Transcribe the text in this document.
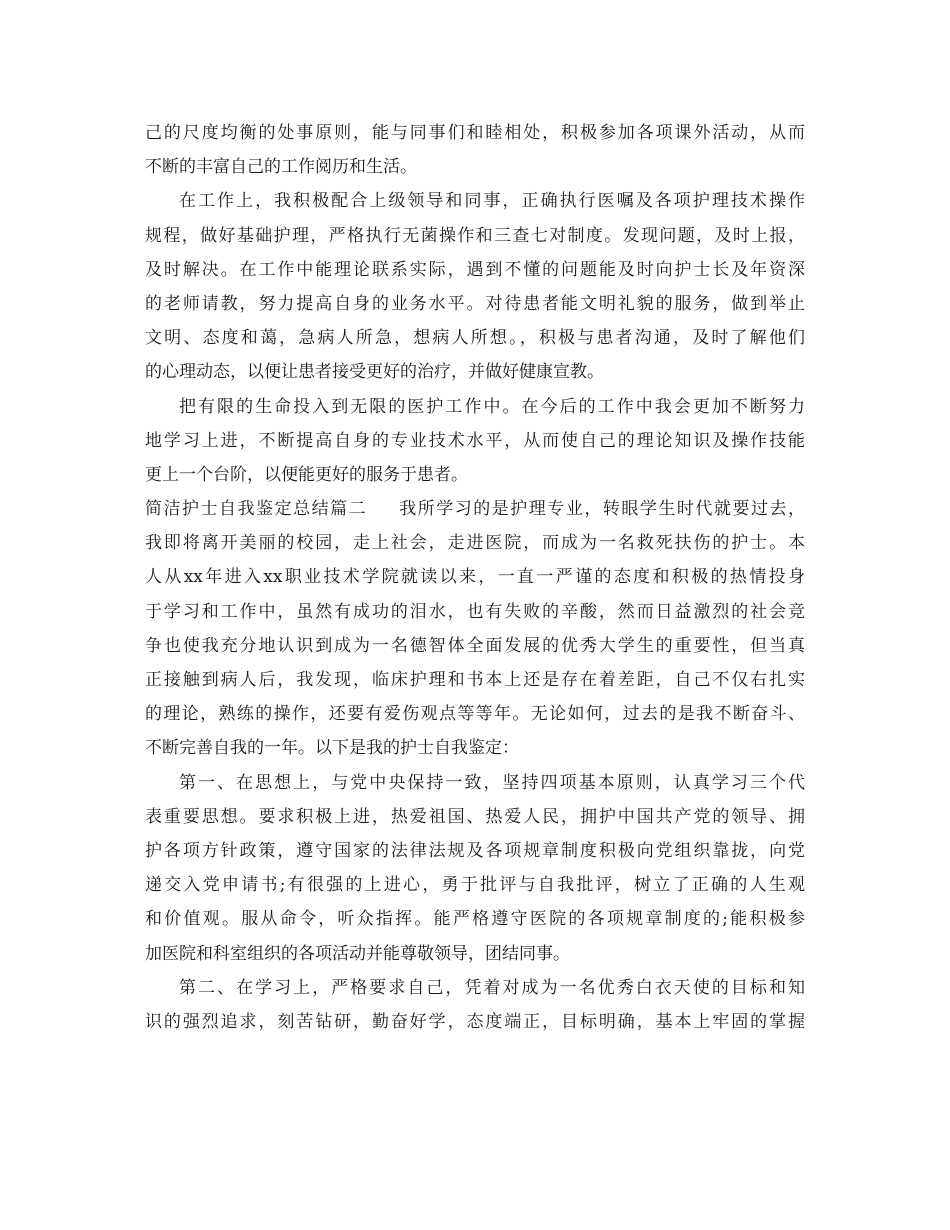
己的尺度均衡的处事原则，能与同事们和睦相处，积极参加各项课外活动，从而
不断的丰富自己的工作阅历和生活。
在工作上，我积极配合上级领导和同事，正确执行医嘱及各项护理技术操作
规程，做好基础护理，严格执行无菌操作和三查七对制度。发现问题，及时上报，
及时解决。在工作中能理论联系实际，遇到不懂的问题能及时向护士长及年资深
的老师请教，努力提高自身的业务水平。对待患者能文明礼貌的服务，做到举止
文明、态度和蔼，急病人所急，想病人所想。，积极与患者沟通，及时了解他们
的心理动态，以便让患者接受更好的治疗，并做好健康宣教。
把有限的生命投入到无限的医护工作中。在今后的工作中我会更加不断努力
地学习上进，不断提高自身的专业技术水平，从而使自己的理论知识及操作技能
更上一个台阶，以便能更好的服务于患者。
简洁护士自我鉴定总结篇二 我所学习的是护理专业，转眼学生时代就要过去，
我即将离开美丽的校园，走上社会，走进医院，而成为一名救死扶伤的护士。本
人从xx年进入xx职业技术学院就读以来，一直一严谨的态度和积极的热情投身
于学习和工作中，虽然有成功的泪水，也有失败的辛酸，然而日益激烈的社会竞
争也使我充分地认识到成为一名德智体全面发展的优秀大学生的重要性，但当真
正接触到病人后，我发现，临床护理和书本上还是存在着差距，自己不仅右扎实
的理论，熟练的操作，还要有爱伤观点等等年。无论如何，过去的是我不断奋斗、
不断完善自我的一年。以下是我的护士自我鉴定：
第一、在思想上，与党中央保持一致，坚持四项基本原则，认真学习三个代
表重要思想。要求积极上进，热爱祖国、热爱人民，拥护中国共产党的领导、拥
护各项方针政策，遵守国家的法律法规及各项规章制度积极向党组织靠拢，向党
递交入党申请书;有很强的上进心，勇于批评与自我批评，树立了正确的人生观
和价值观。服从命令，听众指挥。能严格遵守医院的各项规章制度的;能积极参
加医院和科室组织的各项活动并能尊敬领导，团结同事。
第二、在学习上，严格要求自己，凭着对成为一名优秀白衣天使的目标和知
识的强烈追求，刻苦钻研，勤奋好学，态度端正，目标明确，基本上牢固的掌握
